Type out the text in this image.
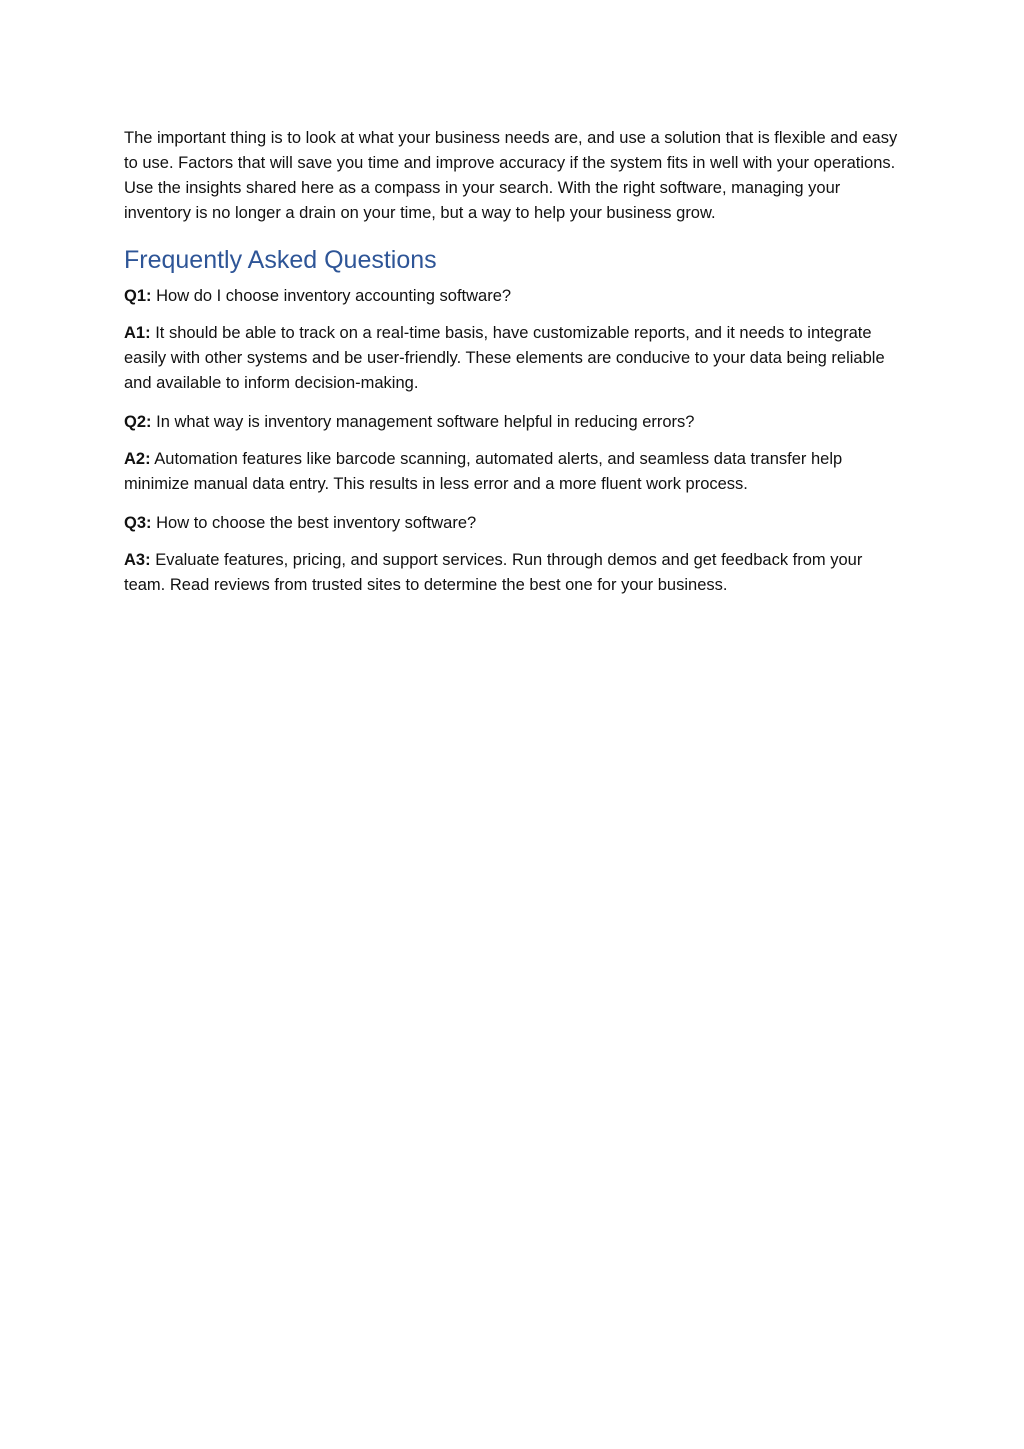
The important thing is to look at what your business needs are, and use a solution that is flexible and easy to use. Factors that will save you time and improve accuracy if the system fits in well with your operations. Use the insights shared here as a compass in your search. With the right software, managing your inventory is no longer a drain on your time, but a way to help your business grow.

Frequently Asked Questions

Q1: How do I choose inventory accounting software?

A1: It should be able to track on a real-time basis, have customizable reports, and it needs to integrate easily with other systems and be user-friendly. These elements are conducive to your data being reliable and available to inform decision-making.

Q2: In what way is inventory management software helpful in reducing errors?

A2: Automation features like barcode scanning, automated alerts, and seamless data transfer help minimize manual data entry. This results in less error and a more fluent work process.

Q3: How to choose the best inventory software?

A3: Evaluate features, pricing, and support services. Run through demos and get feedback from your team. Read reviews from trusted sites to determine the best one for your business.
